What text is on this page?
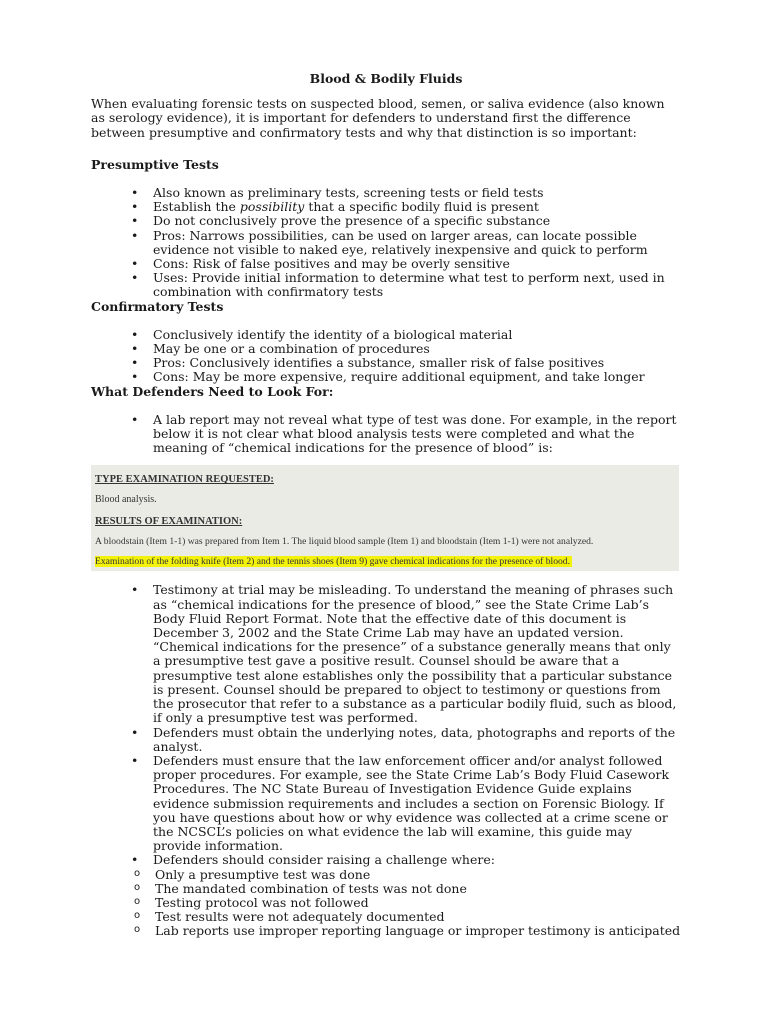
Blood & Bodily Fluids

When evaluating forensic tests on suspected blood, semen, or saliva evidence (also known as serology evidence), it is important for defenders to understand first the difference between presumptive and confirmatory tests and why that distinction is so important:

Presumptive Tests
• Also known as preliminary tests, screening tests or field tests
• Establish the possibility that a specific bodily fluid is present
• Do not conclusively prove the presence of a specific substance
• Pros: Narrows possibilities, can be used on larger areas, can locate possible evidence not visible to naked eye, relatively inexpensive and quick to perform
• Cons: Risk of false positives and may be overly sensitive
• Uses: Provide initial information to determine what test to perform next, used in combination with confirmatory tests
Confirmatory Tests
• Conclusively identify the identity of a biological material
• May be one or a combination of procedures
• Pros: Conclusively identifies a substance, smaller risk of false positives
• Cons: May be more expensive, require additional equipment, and take longer
What Defenders Need to Look For:
• A lab report may not reveal what type of test was done. For example, in the report below it is not clear what blood analysis tests were completed and what the meaning of “chemical indications for the presence of blood” is:
TYPE EXAMINATION REQUESTED:
Blood analysis.
RESULTS OF EXAMINATION:
A bloodstain (Item 1-1) was prepared from Item 1. The liquid blood sample (Item 1) and bloodstain (Item 1-1) were not analyzed.
Examination of the folding knife (Item 2) and the tennis shoes (Item 9) gave chemical indications for the presence of blood.
• Testimony at trial may be misleading. To understand the meaning of phrases such as “chemical indications for the presence of blood,” see the State Crime Lab’s Body Fluid Report Format. Note that the effective date of this document is December 3, 2002 and the State Crime Lab may have an updated version. “Chemical indications for the presence” of a substance generally means that only a presumptive test gave a positive result. Counsel should be aware that a presumptive test alone establishes only the possibility that a particular substance is present. Counsel should be prepared to object to testimony or questions from the prosecutor that refer to a substance as a particular bodily fluid, such as blood, if only a presumptive test was performed.
• Defenders must obtain the underlying notes, data, photographs and reports of the analyst.
• Defenders must ensure that the law enforcement officer and/or analyst followed proper procedures. For example, see the State Crime Lab’s Body Fluid Casework Procedures. The NC State Bureau of Investigation Evidence Guide explains evidence submission requirements and includes a section on Forensic Biology. If you have questions about how or why evidence was collected at a crime scene or the NCSCL’s policies on what evidence the lab will examine, this guide may provide information.
• Defenders should consider raising a challenge where:
o Only a presumptive test was done
o The mandated combination of tests was not done
o Testing protocol was not followed
o Test results were not adequately documented
o Lab reports use improper reporting language or improper testimony is anticipated
